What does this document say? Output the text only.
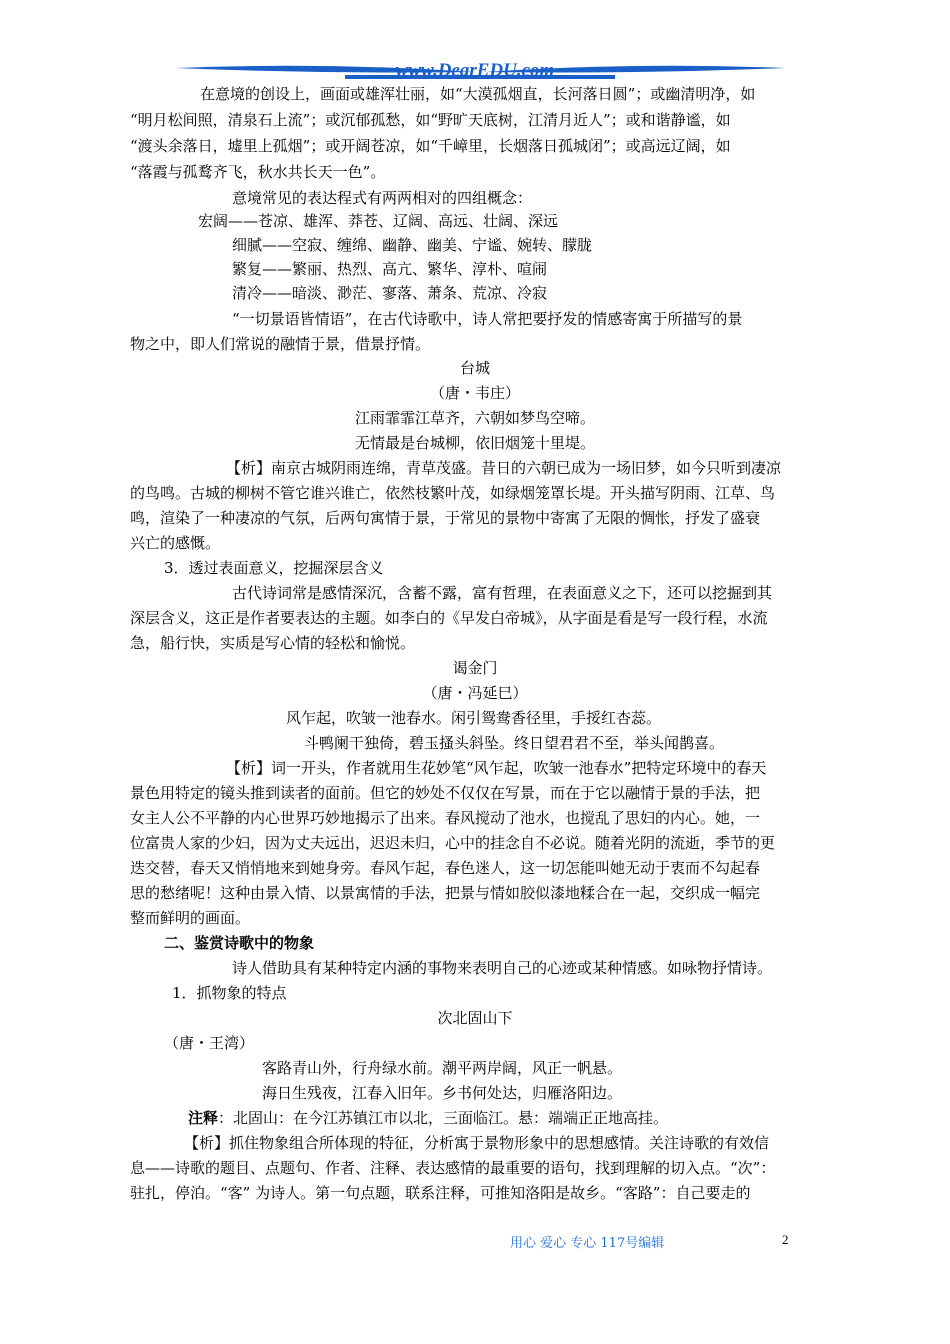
www.DearEDU.com
在意境的创设上，画面或雄浑壮丽，如“大漠孤烟直，长河落日圆”；或幽清明净，如
“明月松间照，清泉石上流”；或沉郁孤愁，如“野旷天底树，江清月近人”；或和谐静谧，如
“渡头余落日，墟里上孤烟”；或开阔苍凉，如“千嶂里，长烟落日孤城闭”；或高远辽阔，如
“落霞与孤鹜齐飞，秋水共长天一色”。
意境常见的表达程式有两两相对的四组概念：
宏阔——苍凉、雄浑、莽苍、辽阔、高远、壮阔、深远
细腻——空寂、缠绵、幽静、幽美、宁谧、婉转、朦胧
繁复——繁丽、热烈、高亢、繁华、淳朴、喧闹
清冷——暗淡、渺茫、寥落、萧条、荒凉、冷寂
“一切景语皆情语”，在古代诗歌中，诗人常把要抒发的情感寄寓于所描写的景
物之中，即人们常说的融情于景，借景抒情。
台城
（唐・韦庄）
江雨霏霏江草齐，六朝如梦鸟空啼。
无情最是台城柳，依旧烟笼十里堤。
【析】南京古城阴雨连绵，青草茂盛。昔日的六朝已成为一场旧梦，如今只听到凄凉
的鸟鸣。古城的柳树不管它谁兴谁亡，依然枝繁叶茂，如绿烟笼罩长堤。开头描写阴雨、江草、鸟
鸣，渲染了一种凄凉的气氛，后两句寓情于景，于常见的景物中寄寓了无限的惆怅，抒发了盛衰
兴亡的感慨。
3．透过表面意义，挖掘深层含义
古代诗词常是感情深沉，含蓄不露，富有哲理，在表面意义之下，还可以挖掘到其
深层含义，这正是作者要表达的主题。如李白的《早发白帝城》，从字面是看是写一段行程，水流
急，船行快，实质是写心情的轻松和愉悦。
谒金门
（唐・冯延巳）
风乍起，吹皱一池春水。闲引鸳鸯香径里，手挼红杏蕊。
斗鸭阑干独倚，碧玉搔头斜坠。终日望君君不至，举头闻鹊喜。
【析】词一开头，作者就用生花妙笔“风乍起，吹皱一池春水”把特定环境中的春天
景色用特定的镜头推到读者的面前。但它的妙处不仅仅在写景，而在于它以融情于景的手法，把
女主人公不平静的内心世界巧妙地揭示了出来。春风搅动了池水，也搅乱了思妇的内心。她，一
位富贵人家的少妇，因为丈夫远出，迟迟未归，心中的挂念自不必说。随着光阴的流逝，季节的更
迭交替，春天又悄悄地来到她身旁。春风乍起，春色迷人，这一切怎能叫她无动于衷而不勾起春
思的愁绪呢！这种由景入情、以景寓情的手法，把景与情如胶似漆地糅合在一起，交织成一幅完
整而鲜明的画面。
二、鉴赏诗歌中的物象
诗人借助具有某种特定内涵的事物来表明自己的心迹或某种情感。如咏物抒情诗。
1．抓物象的特点
次北固山下
（唐・王湾）
客路青山外，行舟绿水前。潮平两岸阔，风正一帆悬。
海日生残夜，江春入旧年。乡书何处达，归雁洛阳边。
注释：北固山：在今江苏镇江市以北，三面临江。悬：端端正正地高挂。
【析】抓住物象组合所体现的特征，分析寓于景物形象中的思想感情。关注诗歌的有效信
息——诗歌的题目、点题句、作者、注释、表达感情的最重要的语句，找到理解的切入点。“次”：
驻扎，停泊。“客” 为诗人。第一句点题，联系注释，可推知洛阳是故乡。“客路”：自己要走的
用心 爱心 专心 117号编辑	2
